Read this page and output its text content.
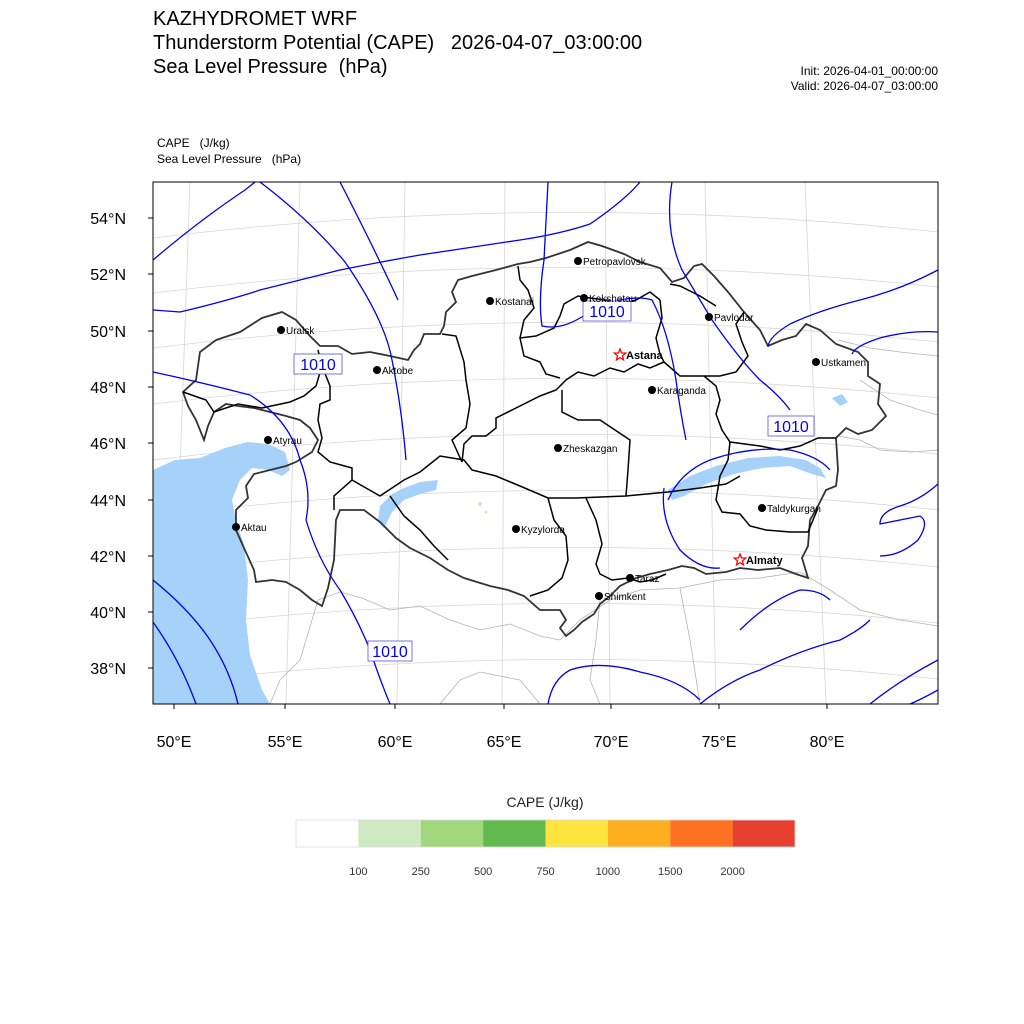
KAZHYDROMET WRF
Thunderstorm Potential (CAPE)   2026-04-07_03:00:00
Sea Level Pressure  (hPa)	Init: 2026-04-01_00:00:00
Valid: 2026-04-07_03:00:00
CAPE   (J/kg)
Sea Level Pressure   (hPa)
1010
1010
1010
1010
Petropavlovsk
Kostanai	Kokshetau
Pavlodar
Uralsk
Aktobe
Astana
Ustkamen
Karaganda
Atyrau
Zheskazgan
Aktau	Kyzylorda
Taldykurgan
Almaty
Taraz
Shimkent
54°N
52°N
50°N
48°N
46°N
44°N
42°N
40°N
38°N
50°E	55°E	60°E	65°E	70°E	75°E	80°E
CAPE (J/kg)
100	250	500	750	1000	1500	2000
